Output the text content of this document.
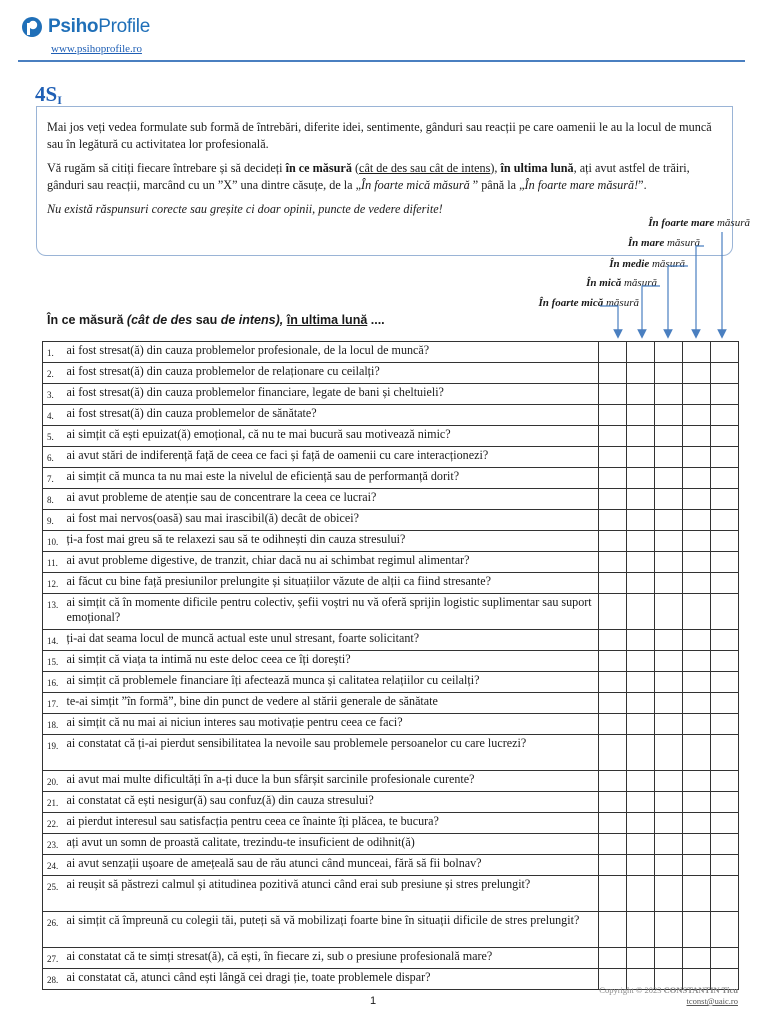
PsihoProfile
www.psihoprofile.ro
$4S_I$

Mai jos veți vedea formulate sub formă de întrebări, diferite idei, sentimente, gânduri sau reacții pe care oamenii le au la locul de muncă sau în legătură cu activitatea lor profesională.

Vă rugăm să citiți fiecare întrebare și să decideți în ce măsură (cât de des sau cât de intens), în ultima lună, ați avut astfel de trăiri, gânduri sau reacții, marcând cu un ”X” una dintre căsuțe, de la „În foarte mică măsură ” până la „În foarte mare măsură!”.

Nu există răspunsuri corecte sau greșite ci doar opinii, puncte de vedere diferite!

În foarte mică măsură
În mică măsură
În medie măsură
În mare măsură
În foarte mare măsură
În ce măsură (cât de des sau de intens), în ultima lună ....
1.	ai fost stresat(ă) din cauza problemelor profesionale, de la locul de muncă?					
2.	ai fost stresat(ă) din cauza problemelor de relaționare cu ceilalți?					
3.	ai fost stresat(ă) din cauza problemelor financiare, legate de bani și cheltuieli?					
4.	ai fost stresat(ă) din cauza problemelor de sănătate?					
5.	ai simțit că ești epuizat(ă) emoțional, că nu te mai bucură sau motivează nimic?					
6.	ai avut stări de indiferență față de ceea ce faci și față de oamenii cu care interacționezi?					
7.	ai simțit că munca ta nu mai este la nivelul de eficiență sau de performanță dorit?					
8.	ai avut probleme de atenție sau de concentrare la ceea ce lucrai?					
9.	ai fost mai nervos(oasă) sau mai irascibil(ă) decât de obicei?					
10.	ți-a fost mai greu să te relaxezi sau să te odihnești din cauza stresului?					
11.	ai avut probleme digestive, de tranzit, chiar dacă nu ai schimbat regimul alimentar?					
12.	ai făcut cu bine față presiunilor prelungite și situațiilor văzute de alții ca fiind stresante?					
13.	ai simțit că în momente dificile pentru colectiv, șefii voștri nu vă oferă sprijin logistic suplimentar sau suport emoțional?					
14.	ți-ai dat seama locul de muncă actual este unul stresant, foarte solicitant?					
15.	ai simțit că viața ta intimă nu este deloc ceea ce îți dorești?					
16.	ai simțit că problemele financiare îți afectează munca și calitatea relațiilor cu ceilalți?					
17.	te-ai simțit ”în formă”, bine din punct de vedere al stării generale de sănătate					
18.	ai simțit că nu mai ai niciun interes sau motivație pentru ceea ce faci?					
19.	ai constatat că ți-ai pierdut sensibilitatea la nevoile sau problemele persoanelor cu care lucrezi?					
20.	ai avut mai multe dificultăți în a-ți duce la bun sfârșit sarcinile profesionale curente?					
21.	ai constatat că ești nesigur(ă) sau confuz(ă) din cauza stresului?					
22.	ai pierdut interesul sau satisfacția pentru ceea ce înainte îți plăcea, te bucura?					
23.	ați avut un somn de proastă calitate, trezindu-te insuficient de odihnit(ă)					
24.	ai avut senzații ușoare de amețeală sau de rău atunci când munceai, fără să fii bolnav?					
25.	ai reușit să păstrezi calmul și atitudinea pozitivă atunci când erai sub presiune și stres prelungit?					
26.	ai simțit că împreună cu colegii tăi, puteți să vă mobilizați foarte bine în situații dificile de stres prelungit?					
27.	ai constatat că te simți stresat(ă), că ești, în fiecare zi, sub o presiune profesională mare?					
28.	ai constatat că, atunci când ești lângă cei dragi ție, toate problemele dispar?					
Copyright © 2023 CONSTANTIN Ticu
tconst@uaic.ro
1
